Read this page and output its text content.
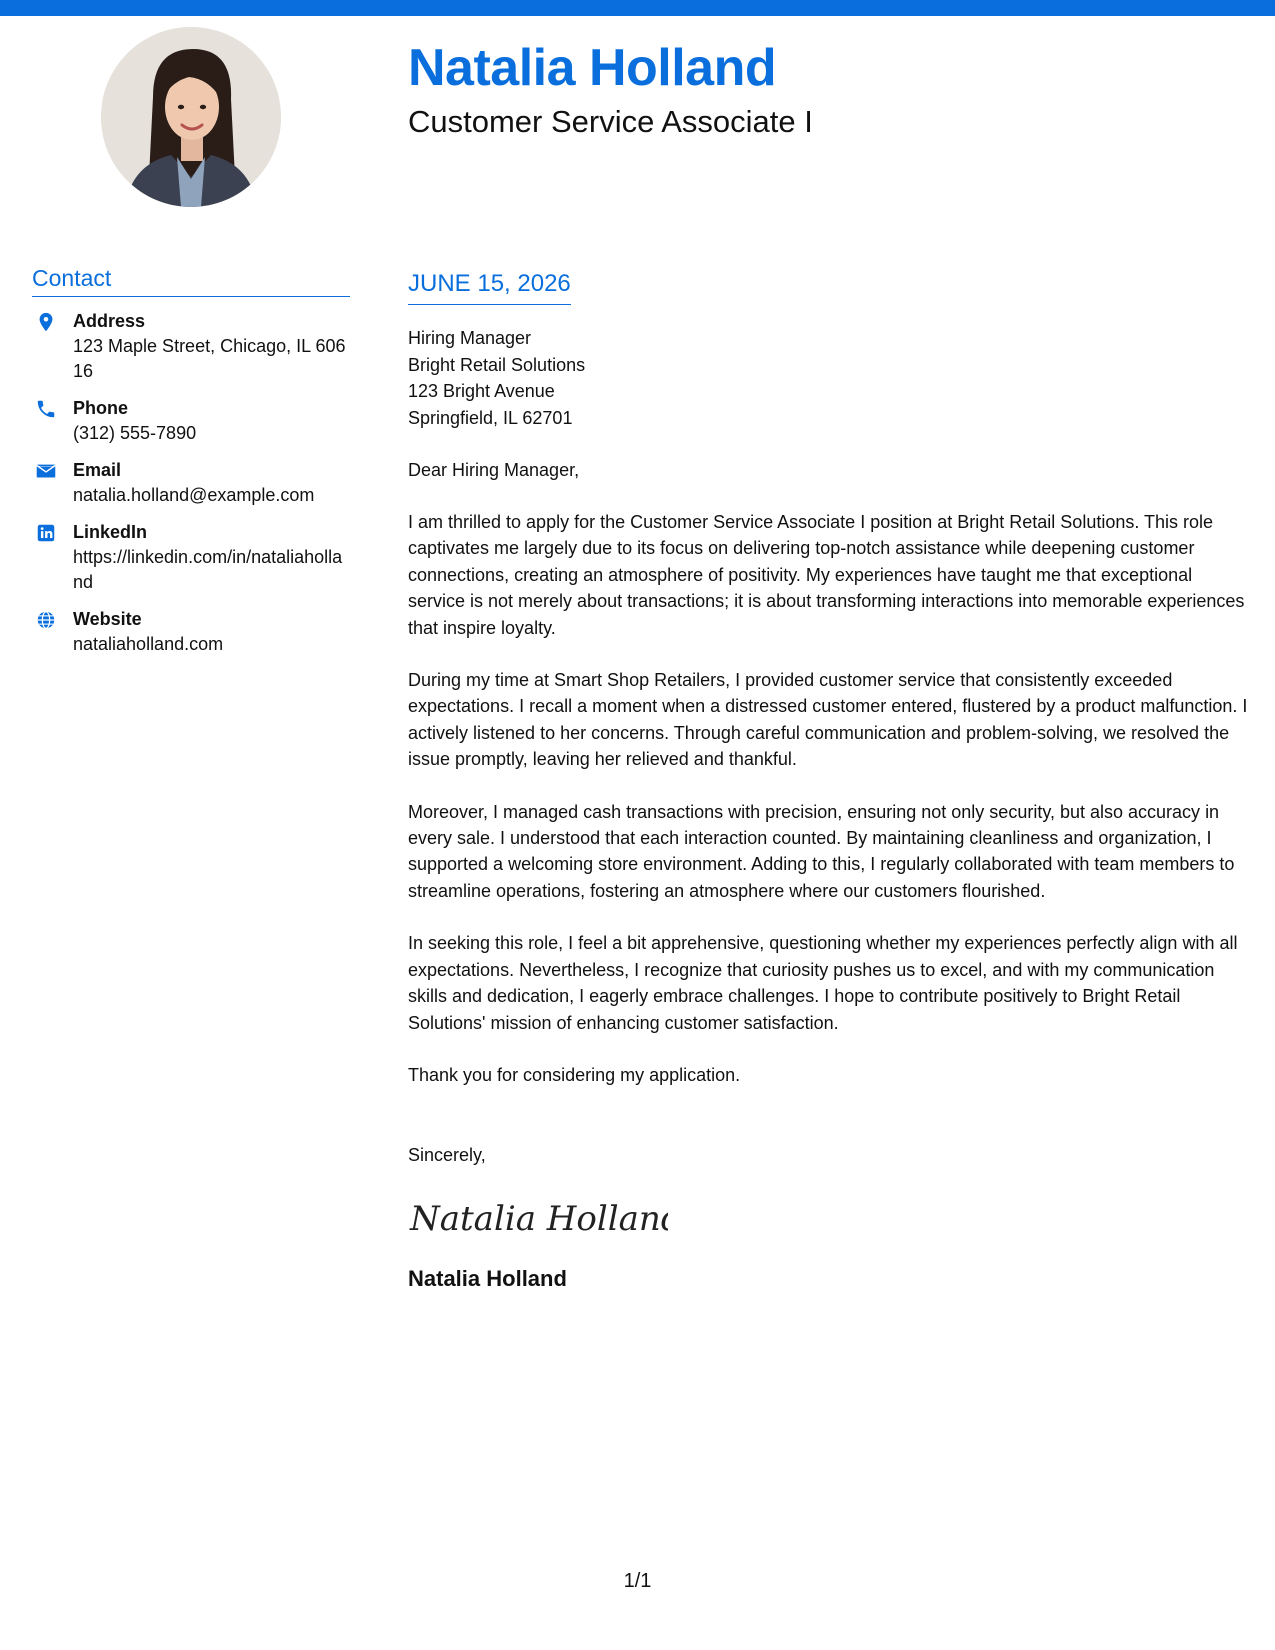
Natalia Holland
Customer Service Associate I
Contact
Address
123 Maple Street, Chicago, IL 60616
Phone
(312) 555-7890
Email
natalia.holland@example.com
LinkedIn
https://linkedin.com/in/nataliaholland
Website
nataliaholland.com
JUNE 15, 2026

Hiring Manager

Bright Retail Solutions

123 Bright Avenue

Springfield, IL 62701

Dear Hiring Manager,

I am thrilled to apply for the Customer Service Associate I position at Bright Retail Solutions. This role captivates me largely due to its focus on delivering top-notch assistance while deepening customer connections, creating an atmosphere of positivity. My experiences have taught me that exceptional service is not merely about transactions; it is about transforming interactions into memorable experiences that inspire loyalty.

During my time at Smart Shop Retailers, I provided customer service that consistently exceeded expectations. I recall a moment when a distressed customer entered, flustered by a product malfunction. I actively listened to her concerns. Through careful communication and problem-solving, we resolved the issue promptly, leaving her relieved and thankful.

Moreover, I managed cash transactions with precision, ensuring not only security, but also accuracy in every sale. I understood that each interaction counted. By maintaining cleanliness and organization, I supported a welcoming store environment. Adding to this, I regularly collaborated with team members to streamline operations, fostering an atmosphere where our customers flourished.

In seeking this role, I feel a bit apprehensive, questioning whether my experiences perfectly align with all expectations. Nevertheless, I recognize that curiosity pushes us to excel, and with my communication skills and dedication, I eagerly embrace challenges. I hope to contribute positively to Bright Retail Solutions' mission of enhancing customer satisfaction.

Thank you for considering my application.

Sincerely,

Natalia Holland
Natalia Holland
1/1
